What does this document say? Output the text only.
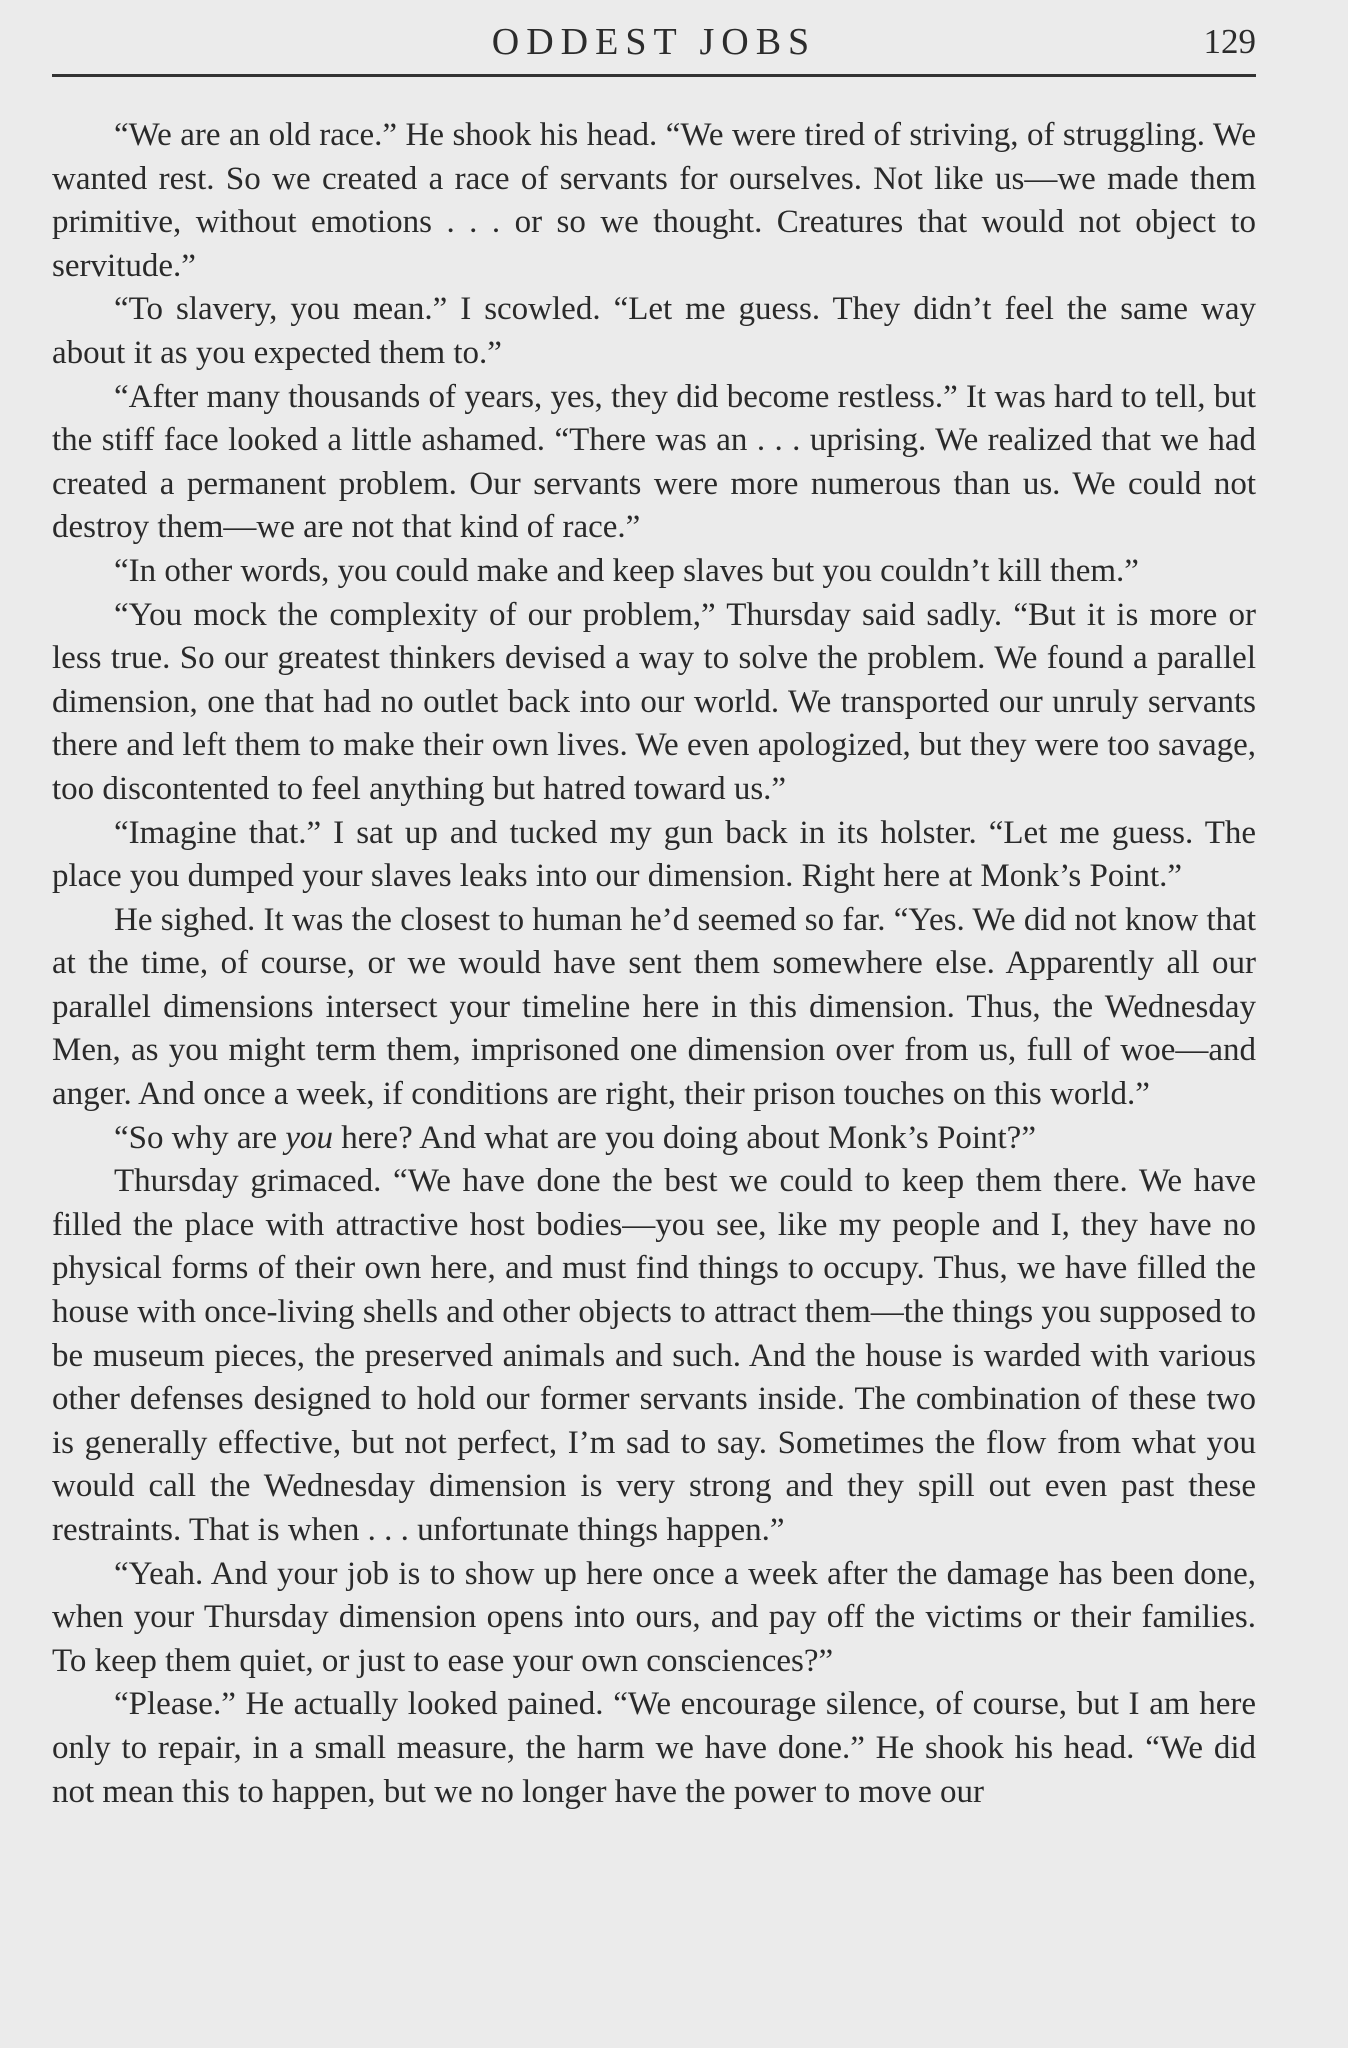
ODDEST JOBS	129

“We are an old race.” He shook his head. “We were tired of striving, of struggling. We wanted rest. So we created a race of servants for ourselves. Not like us—we made them primitive, without emotions . . . or so we thought. Creatures that would not object to servitude.”

“To slavery, you mean.” I scowled. “Let me guess. They didn’t feel the same way about it as you expected them to.”

“After many thousands of years, yes, they did become restless.” It was hard to tell, but the stiff face looked a little ashamed. “There was an . . . uprising. We realized that we had created a permanent problem. Our servants were more numerous than us. We could not destroy them—we are not that kind of race.”

“In other words, you could make and keep slaves but you couldn’t kill them.”

“You mock the complexity of our problem,” Thursday said sadly. “But it is more or less true. So our greatest thinkers devised a way to solve the problem. We found a parallel dimension, one that had no outlet back into our world. We transported our unruly servants there and left them to make their own lives. We even apologized, but they were too savage, too discontented to feel anything but hatred toward us.”

“Imagine that.” I sat up and tucked my gun back in its holster. “Let me guess. The place you dumped your slaves leaks into our dimension. Right here at Monk’s Point.”

He sighed. It was the closest to human he’d seemed so far. “Yes. We did not know that at the time, of course, or we would have sent them somewhere else. Apparently all our parallel dimensions intersect your timeline here in this dimension. Thus, the Wednesday Men, as you might term them, imprisoned one dimension over from us, full of woe—and anger. And once a week, if conditions are right, their prison touches on this world.”

“So why are you here? And what are you doing about Monk’s Point?”

Thursday grimaced. “We have done the best we could to keep them there. We have filled the place with attractive host bodies—you see, like my people and I, they have no physical forms of their own here, and must find things to occupy. Thus, we have filled the house with once-living shells and other objects to attract them—the things you supposed to be museum pieces, the preserved animals and such. And the house is warded with various other defenses designed to hold our former servants inside. The combination of these two is generally effective, but not perfect, I’m sad to say. Sometimes the flow from what you would call the Wednesday dimension is very strong and they spill out even past these restraints. That is when . . . unfortunate things happen.”

“Yeah. And your job is to show up here once a week after the damage has been done, when your Thursday dimension opens into ours, and pay off the victims or their families. To keep them quiet, or just to ease your own consciences?”

“Please.” He actually looked pained. “We encourage silence, of course, but I am here only to repair, in a small measure, the harm we have done.” He shook his head. “We did not mean this to happen, but we no longer have the power to move our
